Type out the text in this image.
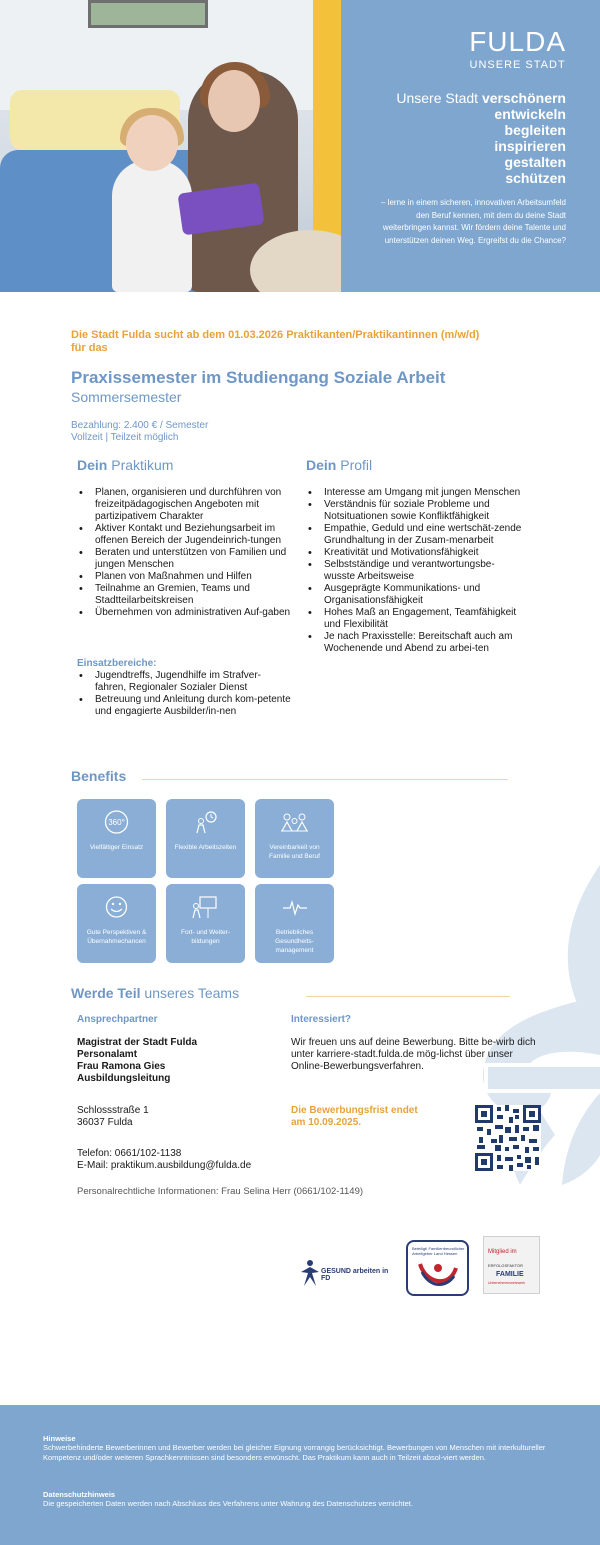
FULDA
UNSERE STADT
Unsere Stadt verschönern
entwickeln
begleiten
inspirieren
gestalten
schützen
– lerne in einem sicheren, innovativen Arbeitsumfeld den Beruf kennen, mit dem du deine Stadt weiterbringen kannst. Wir fördern deine Talente und unterstützen deinen Weg. Ergreifst du die Chance?
Die Stadt Fulda sucht ab dem 01.03.2026 Praktikanten/Praktikantinnen (m/w/d) für das
Praxissemester im Studiengang Soziale Arbeit
Sommersemester
Bezahlung: 2.400 € / Semester
Vollzeit | Teilzeit möglich
Dein Praktikum
• Planen, organisieren und durchführen von freizeitpädagogischen Angeboten mit partizipativem Charakter
• Aktiver Kontakt und Beziehungsarbeit im offenen Bereich der Jugendeinrich-tungen
• Beraten und unterstützen von Familien und jungen Menschen
• Planen von Maßnahmen und Hilfen
• Teilnahme an Gremien, Teams und Stadtteilarbeitskreisen
• Übernehmen von administrativen Auf-gaben
Einsatzbereiche:
• Jugendtreffs, Jugendhilfe im Strafver-fahren, Regionaler Sozialer Dienst
• Betreuung und Anleitung durch kom-petente und engagierte Ausbilder/in-nen
Dein Profil
• Interesse am Umgang mit jungen Menschen
• Verständnis für soziale Probleme und Notsituationen sowie Konfliktfähigkeit
• Empathie, Geduld und eine wertschät-zende Grundhaltung in der Zusam-menarbeit
• Kreativität und Motivationsfähigkeit
• Selbstständige und verantwortungsbe-wusste Arbeitsweise
• Ausgeprägte Kommunikations- und Organisationsfähigkeit
• Hohes Maß an Engagement, Teamfähigkeit und Flexibilität
• Je nach Praxisstelle: Bereitschaft auch am Wochenende und Abend zu arbei-ten
Benefits
360°
Vielfältiger Einsatz	Flexible Arbeitszeiten	Vereinbarkeit von Familie und Beruf
Gute Perspektiven & Übernahmechancen
Fort- und Weiter-bildungen
Betriebliches Gesundheits-management
Werde Teil unseres Teams
Ansprechpartner
Magistrat der Stadt Fulda
Personalamt
Frau Ramona Gies
Ausbildungsleitung
Schlossstraße 1
36037 Fulda
Telefon: 0661/102-1138
E-Mail: praktikum.ausbildung@fulda.de
Personalrechtliche Informationen: Frau Selina Herr (0661/102-1149)
Interessiert?
Wir freuen uns auf deine Bewerbung. Bitte be-wirb dich unter karriere-stadt.fulda.de mög-lichst über unser Online-Bewerbungsverfahren.
Die Bewerbungsfrist endet
am 10.09.2025.
GESUND arbeiten in FD
Beteiligt! Familienfreundlicher Arbeitgeber Land Hessen	Mitglied im
ERFOLGSFAKTOR
FAMILIE
Unternehmensnetzwerk
Hinweise
Schwerbehinderte Bewerberinnen und Bewerber werden bei gleicher Eignung vorrangig berücksichtigt. Bewerbungen von Menschen mit interkultureller Kompetenz und/oder weiteren Sprachkenntnissen sind besonders erwünscht. Das Praktikum kann auch in Teilzeit absol-viert werden.
Datenschutzhinweis
Die gespeicherten Daten werden nach Abschluss des Verfahrens unter Wahrung des Datenschutzes vernichtet.
